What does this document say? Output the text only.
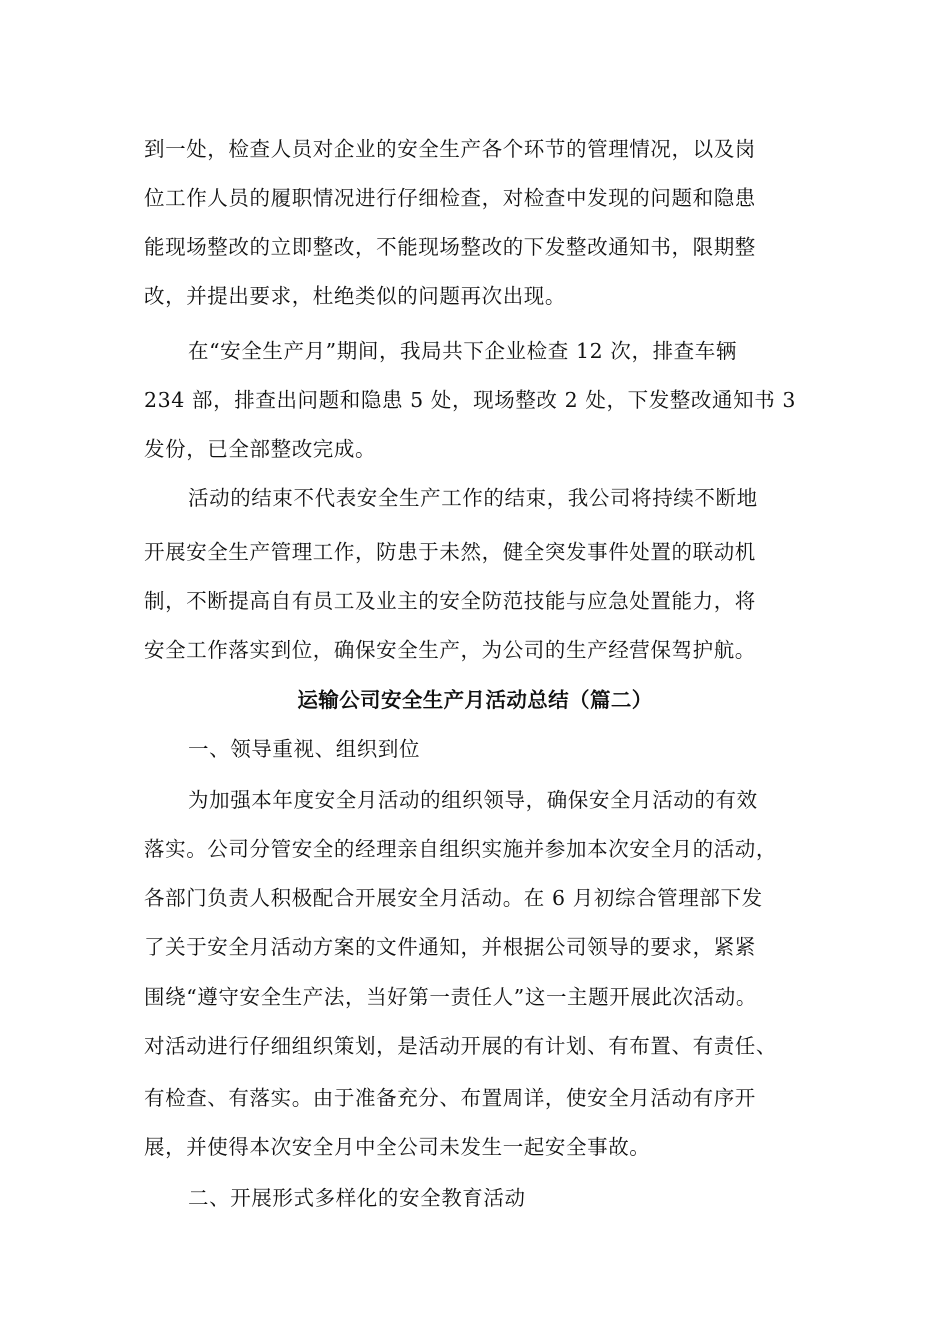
到一处，检查人员对企业的安全生产各个环节的管理情况，以及岗
位工作人员的履职情况进行仔细检查，对检查中发现的问题和隐患
能现场整改的立即整改，不能现场整改的下发整改通知书，限期整
改，并提出要求，杜绝类似的问题再次出现。
在“安全生产月”期间，我局共下企业检查 12 次，排查车辆
234 部，排查出问题和隐患 5 处，现场整改 2 处，下发整改通知书 3
发份，已全部整改完成。
活动的结束不代表安全生产工作的结束，我公司将持续不断地
开展安全生产管理工作，防患于未然，健全突发事件处置的联动机
制，不断提高自有员工及业主的安全防范技能与应急处置能力，将
安全工作落实到位，确保安全生产，为公司的生产经营保驾护航。
运输公司安全生产月活动总结（篇二）
一、领导重视、组织到位
为加强本年度安全月活动的组织领导，确保安全月活动的有效
落实。公司分管安全的经理亲自组织实施并参加本次安全月的活动，
各部门负责人积极配合开展安全月活动。在 6 月初综合管理部下发
了关于安全月活动方案的文件通知，并根据公司领导的要求，紧紧
围绕“遵守安全生产法，当好第一责任人”这一主题开展此次活动。
对活动进行仔细组织策划，是活动开展的有计划、有布置、有责任、
有检查、有落实。由于准备充分、布置周详，使安全月活动有序开
展，并使得本次安全月中全公司未发生一起安全事故。
二、开展形式多样化的安全教育活动
